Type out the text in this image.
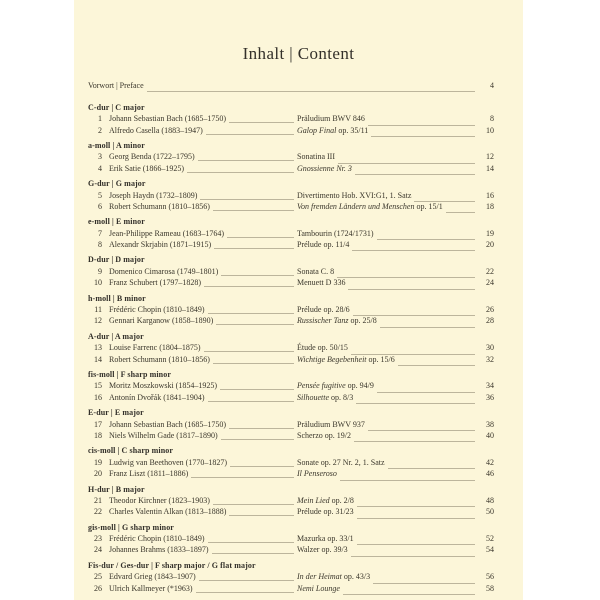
Inhalt | Content
Vorwort | Preface	4
C-dur | C major
1 Johann Sebastian Bach (1685–1750)	Präludium BWV 846	8
2 Alfredo Casella (1883–1947)	Galop Final op. 35/11	10
a-moll | A minor
3 Georg Benda (1722–1795)	Sonatina III	12
4 Erik Satie (1866–1925)	Gnossienne Nr. 3	14
G-dur | G major
5 Joseph Haydn (1732–1809)	Divertimento Hob. XVI:G1, 1. Satz	16
6 Robert Schumann (1810–1856)	Von fremden Ländern und Menschen op. 15/1	18
e-moll | E minor
7 Jean-Philippe Rameau (1683–1764)	Tambourin (1724/1731)	19
8 Alexandr Skrjabin (1871–1915)	Prélude op. 11/4	20
D-dur | D major
9 Domenico Cimarosa (1749–1801)	Sonata C. 8	22
10 Franz Schubert (1797–1828)	Menuett D 336	24
h-moll | B minor
11 Frédéric Chopin (1810–1849)	Prélude op. 28/6	26
12 Gennari Karganow (1858–1890)	Russischer Tanz op. 25/8	28
A-dur | A major
13 Louise Farrenc (1804–1875)	Étude op. 50/15	30
14 Robert Schumann (1810–1856)	Wichtige Begebenheit op. 15/6	32
fis-moll | F sharp minor
15 Moritz Moszkowski (1854–1925)	Pensée fugitive op. 94/9	34
16 Antonín Dvořák (1841–1904)	Silhouette op. 8/3	36
E-dur | E major
17 Johann Sebastian Bach (1685–1750)	Präludium BWV 937	38
18 Niels Wilhelm Gade (1817–1890)	Scherzo op. 19/2	40
cis-moll | C sharp minor
19 Ludwig van Beethoven (1770–1827)	Sonate op. 27 Nr. 2, 1. Satz	42
20 Franz Liszt (1811–1886)	Il Penseroso	46
H-dur | B major
21 Theodor Kirchner (1823–1903)	Mein Lied op. 2/8	48
22 Charles Valentin Alkan (1813–1888)	Prélude op. 31/23	50
gis-moll | G sharp minor
23 Frédéric Chopin (1810–1849)	Mazurka op. 33/1	52
24 Johannes Brahms (1833–1897)	Walzer op. 39/3	54
Fis-dur / Ges-dur | F sharp major / G flat major
25 Edvard Grieg (1843–1907)	In der Heimat op. 43/3	56
26 Ulrich Kallmeyer (*1963)	Nemi Lounge	58
